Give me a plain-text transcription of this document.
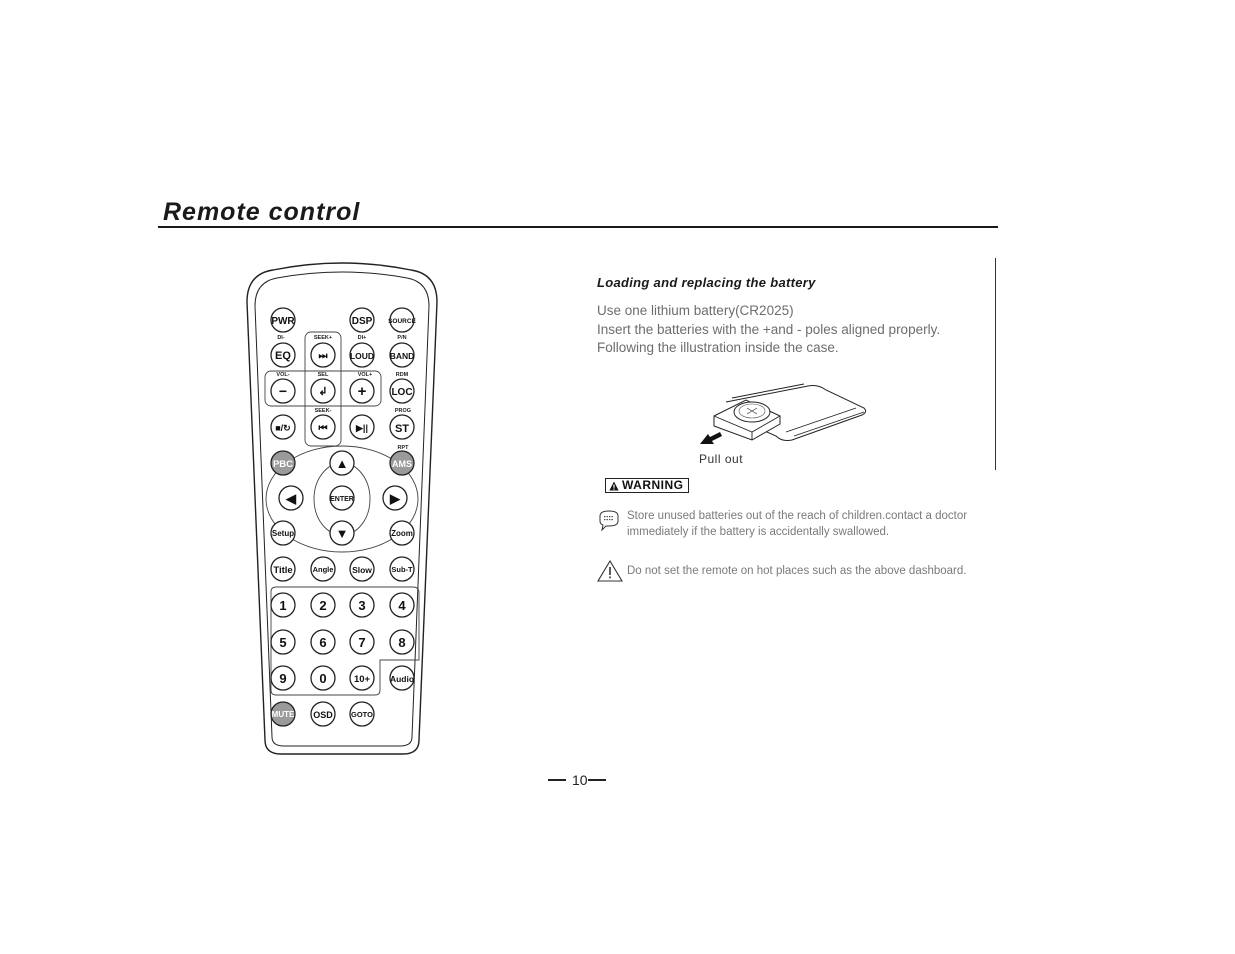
Remote control
SEEK+
DI-	DI+	P/N
VOL-	SEL	VOL+	RDM
SEEK-	PROG
RPT
PWR	DSP SOURCE
EQ	⏭	LOUD BAND
−	↲ +	LOC
■/↻	⏮	▶|| ST
PBC	▲	AMS
◀	ENTER	▶
Setup	▼	Zoom
Title	Angle Slow	Sub-T
1	2 3	4
5	6 7	8
9	0	10+ Audio
MUTE OSD GOTO
Loading and replacing the battery
Use one lithium battery(CR2025)
Insert the batteries with the +and - poles aligned properly.
Following the illustration inside the case.
Pull out
WARNING
Store unused batteries out of the reach of children.contact a doctor immediately if the battery is accidentally swallowed.
Do not set the remote on hot places such as the above dashboard.
10
